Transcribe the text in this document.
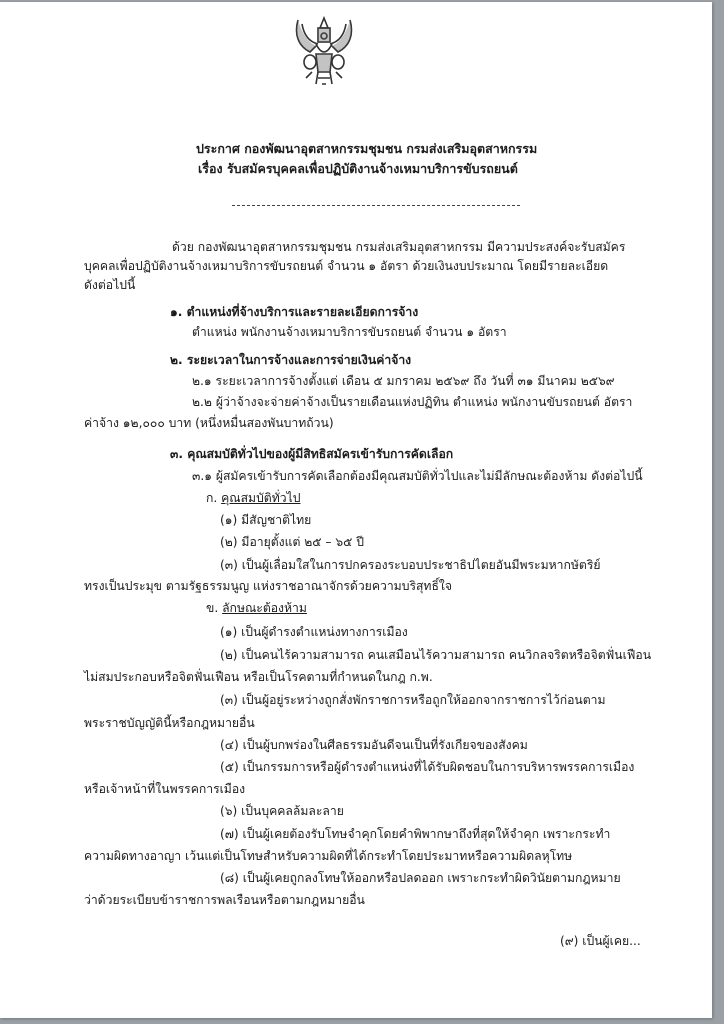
ประกาศ กองพัฒนาอุตสาหกรรมชุมชน กรมส่งเสริมอุตสาหกรรม
เรื่อง รับสมัครบุคคลเพื่อปฏิบัติงานจ้างเหมาบริการขับรถยนต์
ด้วย กองพัฒนาอุตสาหกรรมชุมชน กรมส่งเสริมอุตสาหกรรม มีความประสงค์จะรับสมัคร
บุคคลเพื่อปฏิบัติงานจ้างเหมาบริการขับรถยนต์ จำนวน ๑ อัตรา ด้วยเงินงบประมาณ โดยมีรายละเอียด
ดังต่อไปนี้
๑. ตำแหน่งที่จ้างบริการและรายละเอียดการจ้าง
ตำแหน่ง พนักงานจ้างเหมาบริการขับรถยนต์ จำนวน ๑ อัตรา
๒. ระยะเวลาในการจ้างและการจ่ายเงินค่าจ้าง
๒.๑ ระยะเวลาการจ้างตั้งแต่ เดือน ๕ มกราคม ๒๕๖๙ ถึง วันที่ ๓๑ มีนาคม ๒๕๖๙
๒.๒ ผู้ว่าจ้างจะจ่ายค่าจ้างเป็นรายเดือนแห่งปฏิทิน ตำแหน่ง พนักงานขับรถยนต์ อัตรา
ค่าจ้าง ๑๒,๐๐๐ บาท (หนึ่งหมื่นสองพันบาทถ้วน)
๓. คุณสมบัติทั่วไปของผู้มีสิทธิสมัครเข้ารับการคัดเลือก
๓.๑ ผู้สมัครเข้ารับการคัดเลือกต้องมีคุณสมบัติทั่วไปและไม่มีลักษณะต้องห้าม ดังต่อไปนี้
ก. คุณสมบัติทั่วไป
(๑) มีสัญชาติไทย
(๒) มีอายุตั้งแต่ ๒๕ – ๖๕ ปี
(๓) เป็นผู้เลื่อมใสในการปกครองระบอบประชาธิปไตยอันมีพระมหากษัตริย์
ทรงเป็นประมุข ตามรัฐธรรมนูญ แห่งราชอาณาจักรด้วยความบริสุทธิ์ใจ
ข. ลักษณะต้องห้าม
(๑) เป็นผู้ดำรงตำแหน่งทางการเมือง
(๒) เป็นคนไร้ความสามารถ คนเสมือนไร้ความสามารถ คนวิกลจริตหรือจิตฟั่นเฟือน
ไม่สมประกอบหรือจิตฟั่นเฟือน หรือเป็นโรคตามที่กำหนดในกฎ ก.พ.
(๓) เป็นผู้อยู่ระหว่างถูกสั่งพักราชการหรือถูกให้ออกจากราชการไว้ก่อนตาม
พระราชบัญญัตินี้หรือกฎหมายอื่น
(๔) เป็นผู้บกพร่องในศีลธรรมอันดีจนเป็นที่รังเกียจของสังคม
(๕) เป็นกรรมการหรือผู้ดำรงตำแหน่งที่ได้รับผิดชอบในการบริหารพรรคการเมือง
หรือเจ้าหน้าที่ในพรรคการเมือง
(๖) เป็นบุคคลล้มละลาย
(๗) เป็นผู้เคยต้องรับโทษจำคุกโดยคำพิพากษาถึงที่สุดให้จำคุก เพราะกระทำ
ความผิดทางอาญา เว้นแต่เป็นโทษสำหรับความผิดที่ได้กระทำโดยประมาทหรือความผิดลหุโทษ
(๘) เป็นผู้เคยถูกลงโทษให้ออกหรือปลดออก เพราะกระทำผิดวินัยตามกฎหมาย
ว่าด้วยระเบียบข้าราชการพลเรือนหรือตามกฎหมายอื่น
(๙) เป็นผู้เคย...
